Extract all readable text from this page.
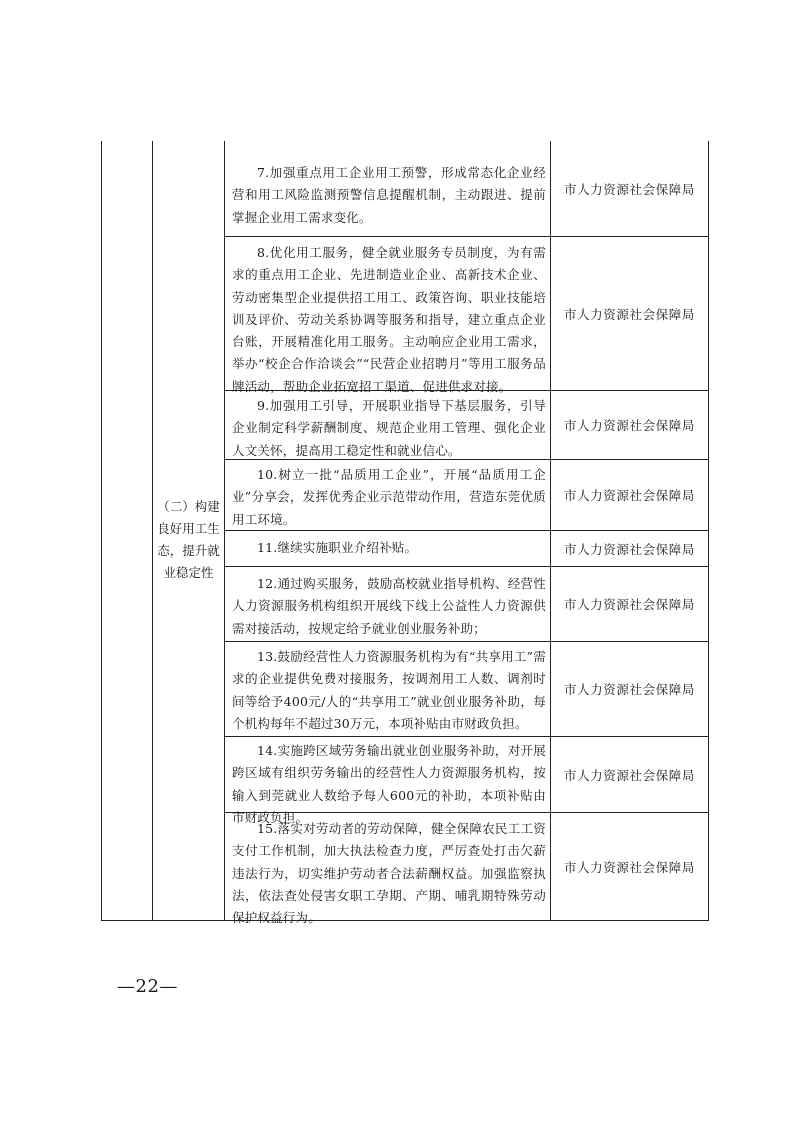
（二）构建良好用工生态，提升就业稳定性
7.加强重点用工企业用工预警，形成常态化企业经营和用工风险监测预警信息提醒机制，主动跟进、提前掌握企业用工需求变化。
市人力资源社会保障局
8.优化用工服务，健全就业服务专员制度，为有需求的重点用工企业、先进制造业企业、高新技术企业、劳动密集型企业提供招工用工、政策咨询、职业技能培训及评价、劳动关系协调等服务和指导，建立重点企业台账，开展精准化用工服务。主动响应企业用工需求，举办“校企合作洽谈会”“民营企业招聘月”等用工服务品牌活动，帮助企业拓宽招工渠道、促进供求对接。
市人力资源社会保障局
9.加强用工引导，开展职业指导下基层服务，引导企业制定科学薪酬制度、规范企业用工管理、强化企业人文关怀，提高用工稳定性和就业信心。
市人力资源社会保障局
10.树立一批“品质用工企业”，开展“品质用工企业”分享会，发挥优秀企业示范带动作用，营造东莞优质用工环境。
市人力资源社会保障局
11.继续实施职业介绍补贴。	市人力资源社会保障局
12.通过购买服务，鼓励高校就业指导机构、经营性人力资源服务机构组织开展线下线上公益性人力资源供需对接活动，按规定给予就业创业服务补助；
市人力资源社会保障局
13.鼓励经营性人力资源服务机构为有“共享用工”需求的企业提供免费对接服务，按调剂用工人数、调剂时间等给予400元/人的“共享用工”就业创业服务补助，每个机构每年不超过30万元，本项补贴由市财政负担。
市人力资源社会保障局
14.实施跨区域劳务输出就业创业服务补助，对开展跨区域有组织劳务输出的经营性人力资源服务机构，按输入到莞就业人数给予每人600元的补助，本项补贴由市财政负担。
市人力资源社会保障局
15.落实对劳动者的劳动保障，健全保障农民工工资支付工作机制，加大执法检查力度，严厉查处打击欠薪违法行为，切实维护劳动者合法薪酬权益。加强监察执法，依法查处侵害女职工孕期、产期、哺乳期特殊劳动保护权益行为。
市人力资源社会保障局
—22—
